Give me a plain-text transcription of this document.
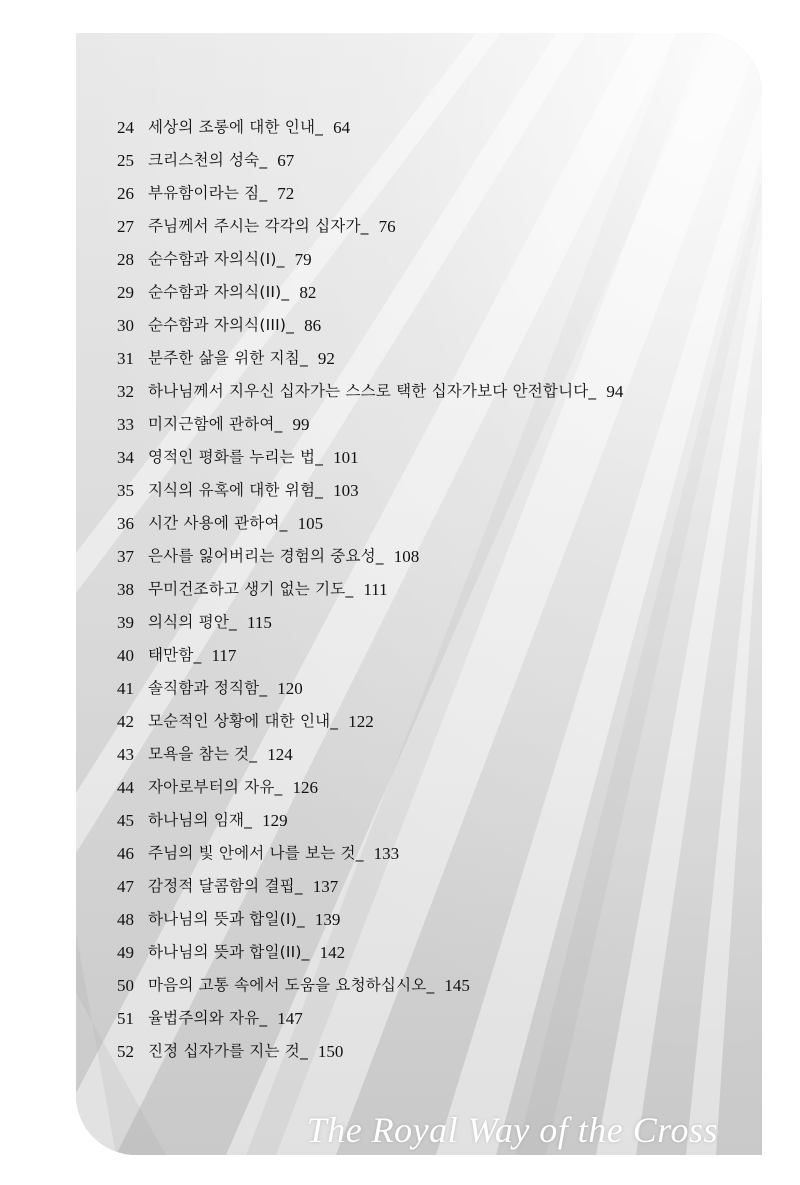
24 세상의 조롱에 대한 인내_ 64
25 크리스천의 성숙_ 67
26 부유함이라는 짐_ 72
27 주님께서 주시는 각각의 십자가_ 76
28 순수함과 자의식(I)_ 79
29 순수함과 자의식(II)_ 82
30 순수함과 자의식(III)_ 86
31 분주한 삶을 위한 지침_ 92
32 하나님께서 지우신 십자가는 스스로 택한 십자가보다 안전합니다_ 94
33 미지근함에 관하여_ 99
34 영적인 평화를 누리는 법_ 101
35 지식의 유혹에 대한 위험_ 103
36 시간 사용에 관하여_ 105
37 은사를 잃어버리는 경험의 중요성_ 108
38 무미건조하고 생기 없는 기도_ 111
39 의식의 평안_ 115
40 태만함_ 117
41 솔직함과 정직함_ 120
42 모순적인 상황에 대한 인내_ 122
43 모욕을 참는 것_ 124
44 자아로부터의 자유_ 126
45 하나님의 임재_ 129
46 주님의 빛 안에서 나를 보는 것_ 133
47 감정적 달콤함의 결핍_ 137
48 하나님의 뜻과 합일(I)_ 139
49 하나님의 뜻과 합일(II)_ 142
50 마음의 고통 속에서 도움을 요청하십시오_ 145
51 율법주의와 자유_ 147
52 진정 십자가를 지는 것_ 150
The Royal Way of the Cross
